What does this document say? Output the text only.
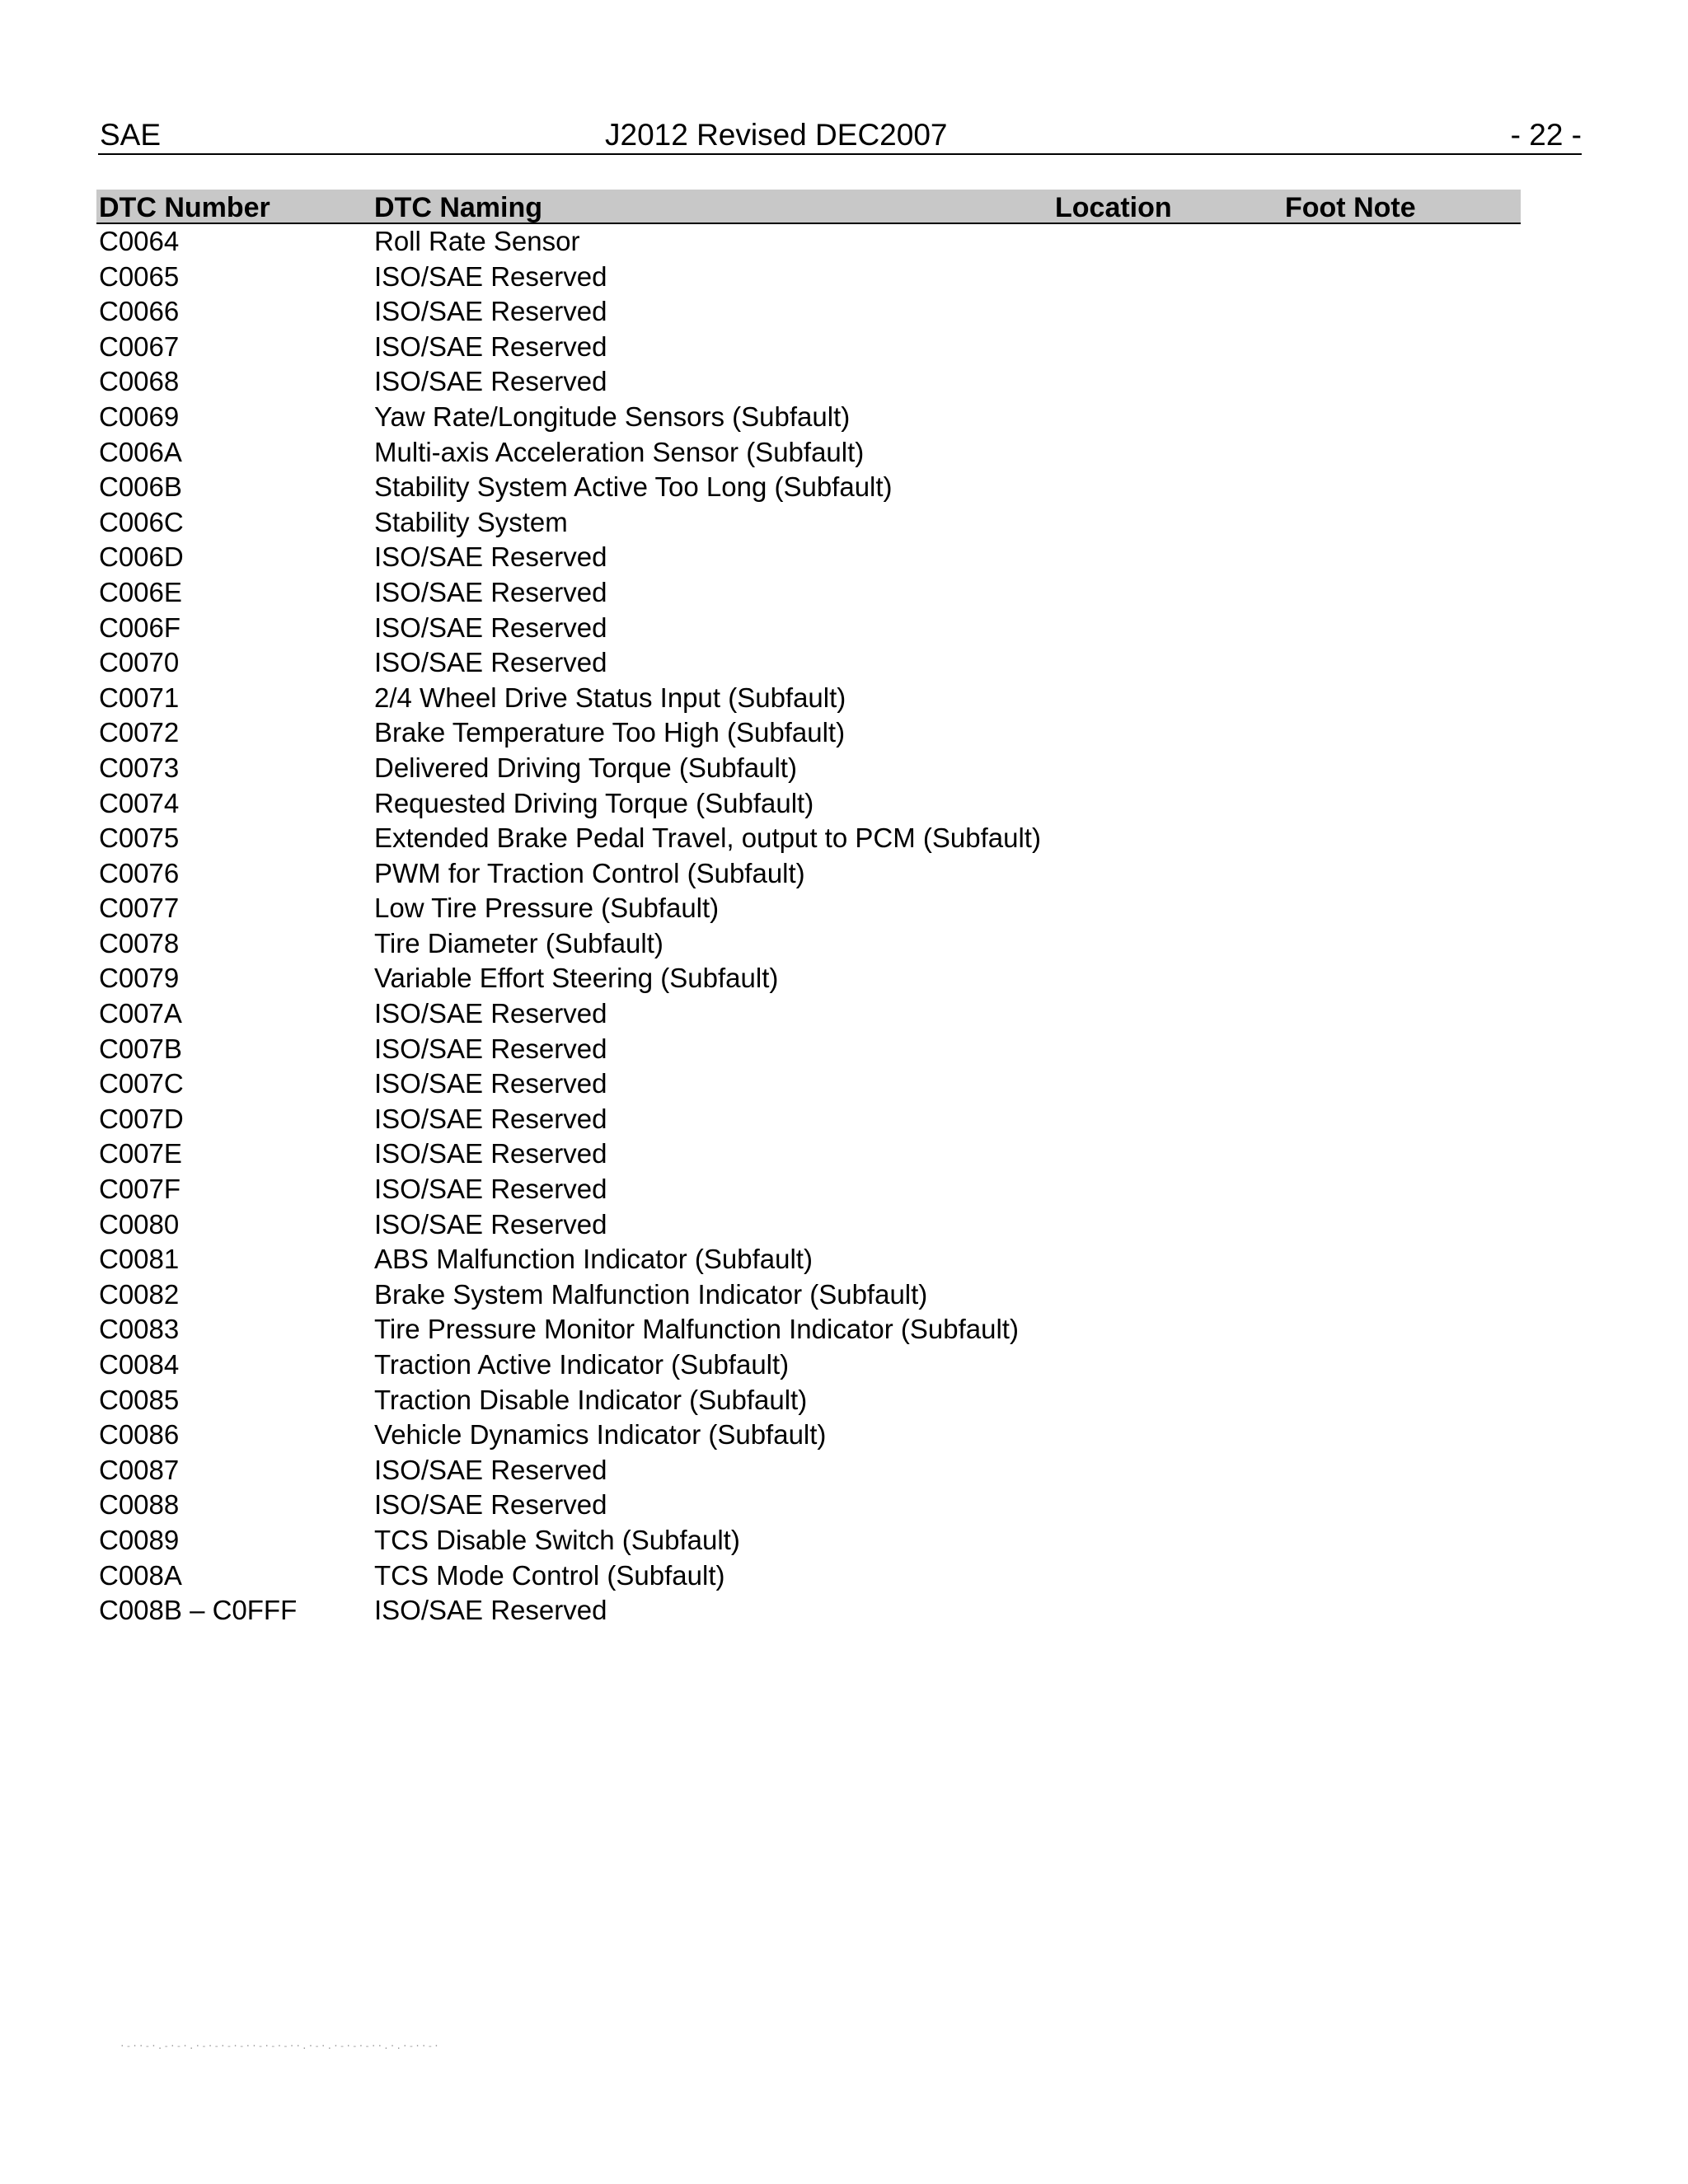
SAE	J2012 Revised DEC2007	- 22 -
DTC Number	DTC Naming	Location	Foot Note
C0064	Roll Rate Sensor
C0065	ISO/SAE Reserved
C0066	ISO/SAE Reserved
C0067	ISO/SAE Reserved
C0068	ISO/SAE Reserved
C0069	Yaw Rate/Longitude Sensors (Subfault)
C006A	Multi-axis Acceleration Sensor (Subfault)
C006B	Stability System Active Too Long (Subfault)
C006C	Stability System
C006D	ISO/SAE Reserved
C006E	ISO/SAE Reserved
C006F	ISO/SAE Reserved
C0070	ISO/SAE Reserved
C0071	2/4 Wheel Drive Status Input (Subfault)
C0072	Brake Temperature Too High (Subfault)
C0073	Delivered Driving Torque (Subfault)
C0074	Requested Driving Torque (Subfault)
C0075	Extended Brake Pedal Travel, output to PCM (Subfault)
C0076	PWM for Traction Control (Subfault)
C0077	Low Tire Pressure (Subfault)
C0078	Tire Diameter (Subfault)
C0079	Variable Effort Steering (Subfault)
C007A	ISO/SAE Reserved
C007B	ISO/SAE Reserved
C007C	ISO/SAE Reserved
C007D	ISO/SAE Reserved
C007E	ISO/SAE Reserved
C007F	ISO/SAE Reserved
C0080	ISO/SAE Reserved
C0081	ABS Malfunction Indicator (Subfault)
C0082	Brake System Malfunction Indicator (Subfault)
C0083	Tire Pressure Monitor Malfunction Indicator (Subfault)
C0084	Traction Active Indicator (Subfault)
C0085	Traction Disable Indicator (Subfault)
C0086	Vehicle Dynamics Indicator (Subfault)
C0087	ISO/SAE Reserved
C0088	ISO/SAE Reserved
C0089	TCS Disable Switch (Subfault)
C008A	TCS Mode Control (Subfault)
C008B – C0FFF	ISO/SAE Reserved
·‑··‑·.‑·‑·.·‑·‑·‑·‑··‑·‑·‑··.·‑·.·‑·‑·‑··.·.·‑··‑·
